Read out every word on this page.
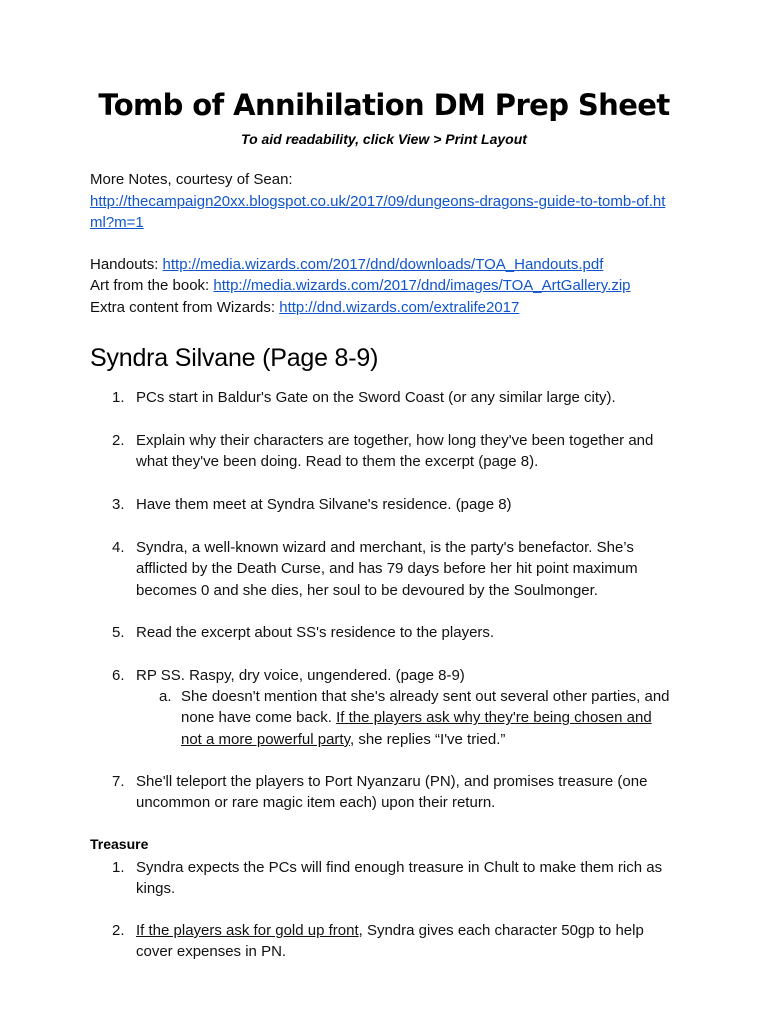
Tomb of Annihilation DM Prep Sheet
To aid readability, click View > Print Layout
More Notes, courtesy of Sean:
http://thecampaign20xx.blogspot.co.uk/2017/09/dungeons-dragons-guide-to-tomb-of.ht
ml?m=1
Handouts: http://media.wizards.com/2017/dnd/downloads/TOA_Handouts.pdf
Art from the book: http://media.wizards.com/2017/dnd/images/TOA_ArtGallery.zip
Extra content from Wizards: http://dnd.wizards.com/extralife2017
Syndra Silvane (Page 8-9)
1. PCs start in Baldur's Gate on the Sword Coast (or any similar large city).
2. Explain why their characters are together, how long they've been together and
what they've been doing. Read to them the excerpt (page 8).
3. Have them meet at Syndra Silvane's residence. (page 8)
4. Syndra, a well-known wizard and merchant, is the party's benefactor. She’s
afflicted by the Death Curse, and has 79 days before her hit point maximum
becomes 0 and she dies, her soul to be devoured by the Soulmonger.
5. Read the excerpt about SS's residence to the players.
6. RP SS. Raspy, dry voice, ungendered. (page 8-9)
a. She doesn't mention that she's already sent out several other parties, and
none have come back. If the players ask why they're being chosen and
not a more powerful party, she replies “I've tried.”
7. She'll teleport the players to Port Nyanzaru (PN), and promises treasure (one
uncommon or rare magic item each) upon their return.
Treasure
1. Syndra expects the PCs will find enough treasure in Chult to make them rich as
kings.
2. If the players ask for gold up front, Syndra gives each character 50gp to help
cover expenses in PN.
